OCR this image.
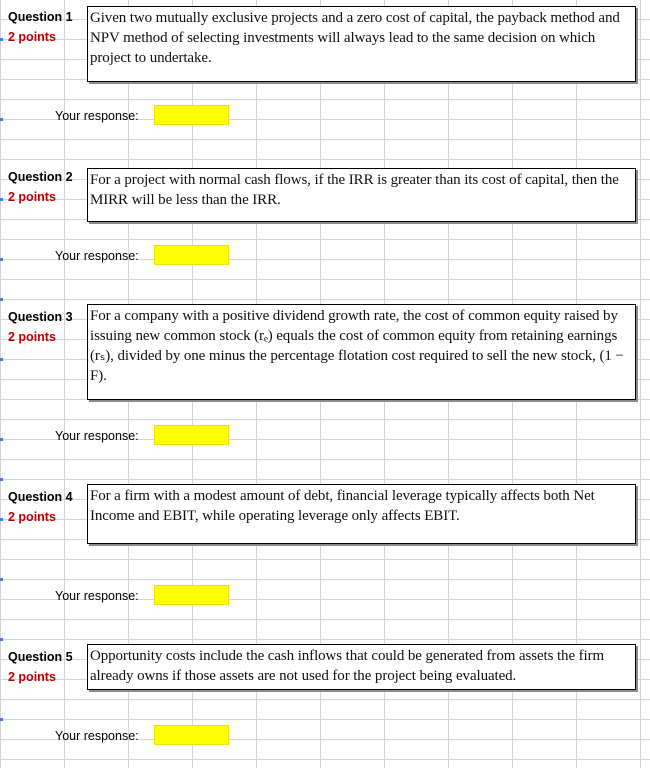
Question 1
2 points
Given two mutually exclusive projects and a zero cost of capital, the payback method and NPV method of selecting investments will always lead to the same decision on which project to undertake.
Your response:
Question 2
2 points
For a project with normal cash flows, if the IRR is greater than its cost of capital, then the MIRR will be less than the IRR.
Your response:
Question 3
2 points
For a company with a positive dividend growth rate, the cost of common equity raised by issuing new common stock (rₑ) equals the cost of common equity from retaining earnings (rₛ), divided by one minus the percentage flotation cost required to sell the new stock, (1 − F).
Your response:
Question 4
2 points
For a firm with a modest amount of debt, financial leverage typically affects both Net Income and EBIT, while operating leverage only affects EBIT.
Your response:
Question 5
2 points
Opportunity costs include the cash inflows that could be generated from assets the firm already owns if those assets are not used for the project being evaluated.
Your response:
